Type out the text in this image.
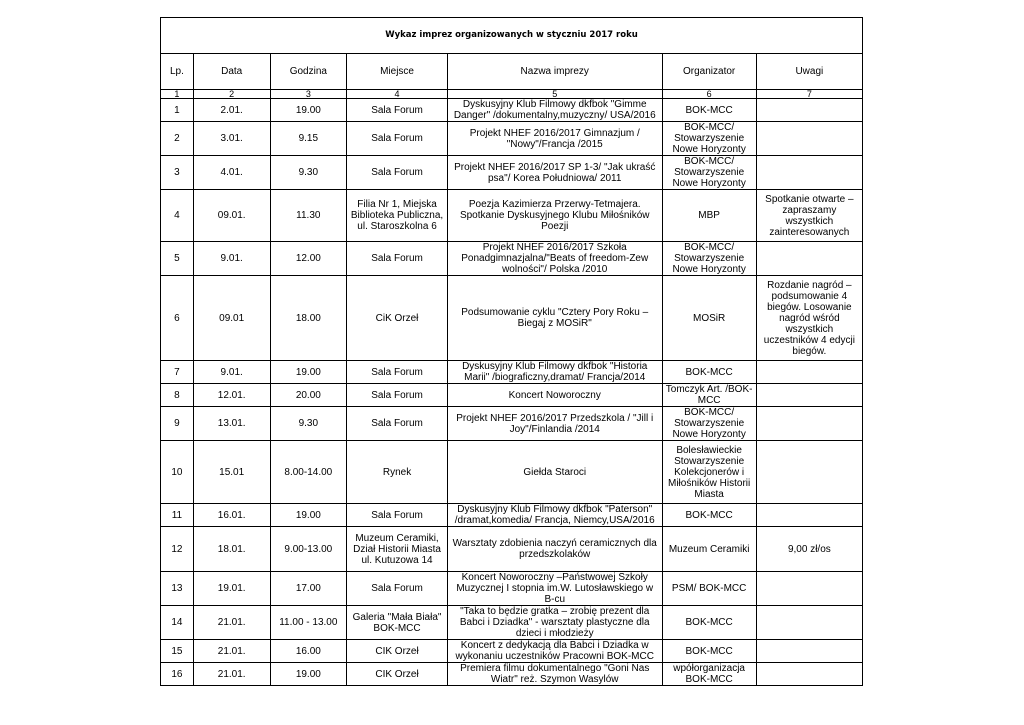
Wykaz imprez organizowanych w styczniu 2017 roku						
Lp.	Data	Godzina	Miejsce	Nazwa imprezy	Organizator	Uwagi
1	2	3	4	5	6	7
1	2.01.	19.00	Sala Forum	Dyskusyjny Klub Filmowy dkfbok "Gimme Danger" /dokumentalny,muzyczny/ USA/2016	BOK-MCC	
2	3.01.	9.15	Sala Forum	Projekt NHEF 2016/2017 Gimnazjum / "Nowy"/Francja /2015	BOK-MCC/ Stowarzyszenie Nowe Horyzonty	
3	4.01.	9.30	Sala Forum	Projekt NHEF 2016/2017 SP 1-3/ "Jak ukraść psa"/ Korea Południowa/ 2011	BOK-MCC/ Stowarzyszenie Nowe Horyzonty	
4	09.01.	11.30	Filia Nr 1, Miejska Biblioteka Publiczna, ul. Staroszkolna 6	Poezja Kazimierza Przerwy-Tetmajera. Spotkanie Dyskusyjnego Klubu Miłośników Poezji	MBP	Spotkanie otwarte – zapraszamy wszystkich zainteresowanych
5	9.01.	12.00	Sala Forum	Projekt NHEF 2016/2017 Szkoła Ponadgimnazjalna/"Beats of freedom-Zew wolności"/ Polska /2010	BOK-MCC/ Stowarzyszenie Nowe Horyzonty	
6	09.01	18.00	CiK Orzeł	Podsumowanie cyklu "Cztery Pory Roku – Biegaj z MOSiR"	MOSiR	Rozdanie nagród – podsumowanie 4 biegów. Losowanie nagród wśród wszystkich uczestników 4 edycji biegów.
7	9.01.	19.00	Sala Forum	Dyskusyjny Klub Filmowy dkfbok "Historia Marii" /biograficzny,dramat/ Francja/2014	BOK-MCC	
8	12.01.	20.00	Sala Forum	Koncert Noworoczny	Tomczyk Art. /BOK-MCC	
9	13.01.	9.30	Sala Forum	Projekt NHEF 2016/2017 Przedszkola / "Jill i Joy"/Finlandia /2014	BOK-MCC/ Stowarzyszenie Nowe Horyzonty	
10	15.01	8.00-14.00	Rynek	Giełda Staroci	Bolesławieckie Stowarzyszenie Kolekcjonerów i Miłośników Historii Miasta	
11	16.01.	19.00	Sala Forum	Dyskusyjny Klub Filmowy dkfbok "Paterson" /dramat,komedia/ Francja, Niemcy,USA/2016	BOK-MCC	
12	18.01.	9.00-13.00	Muzeum Ceramiki, Dział Historii Miasta ul. Kutuzowa 14	Warsztaty zdobienia naczyń ceramicznych dla przedszkolaków	Muzeum Ceramiki	9,00 zł/os
13	19.01.	17.00	Sala Forum	Koncert Noworoczny –Państwowej Szkoły Muzycznej I stopnia im.W. Lutosławskiego w B-cu	PSM/ BOK-MCC	
14	21.01.	11.00 - 13.00	Galeria "Mała Biała" BOK-MCC	"Taka to będzie gratka – zrobię prezent dla Babci i Dziadka" - warsztaty plastyczne dla dzieci i młodzieży	BOK-MCC	
15	21.01.	16.00	CIK Orzeł	Koncert z dedykacją dla Babci i Dziadka w wykonaniu uczestników Pracowni BOK-MCC	BOK-MCC	
16	21.01.	19.00	CIK Orzeł	Premiera filmu dokumentalnego "Goni Nas Wiatr" reż. Szymon Wasylów	wpółorganizacja BOK-MCC	
